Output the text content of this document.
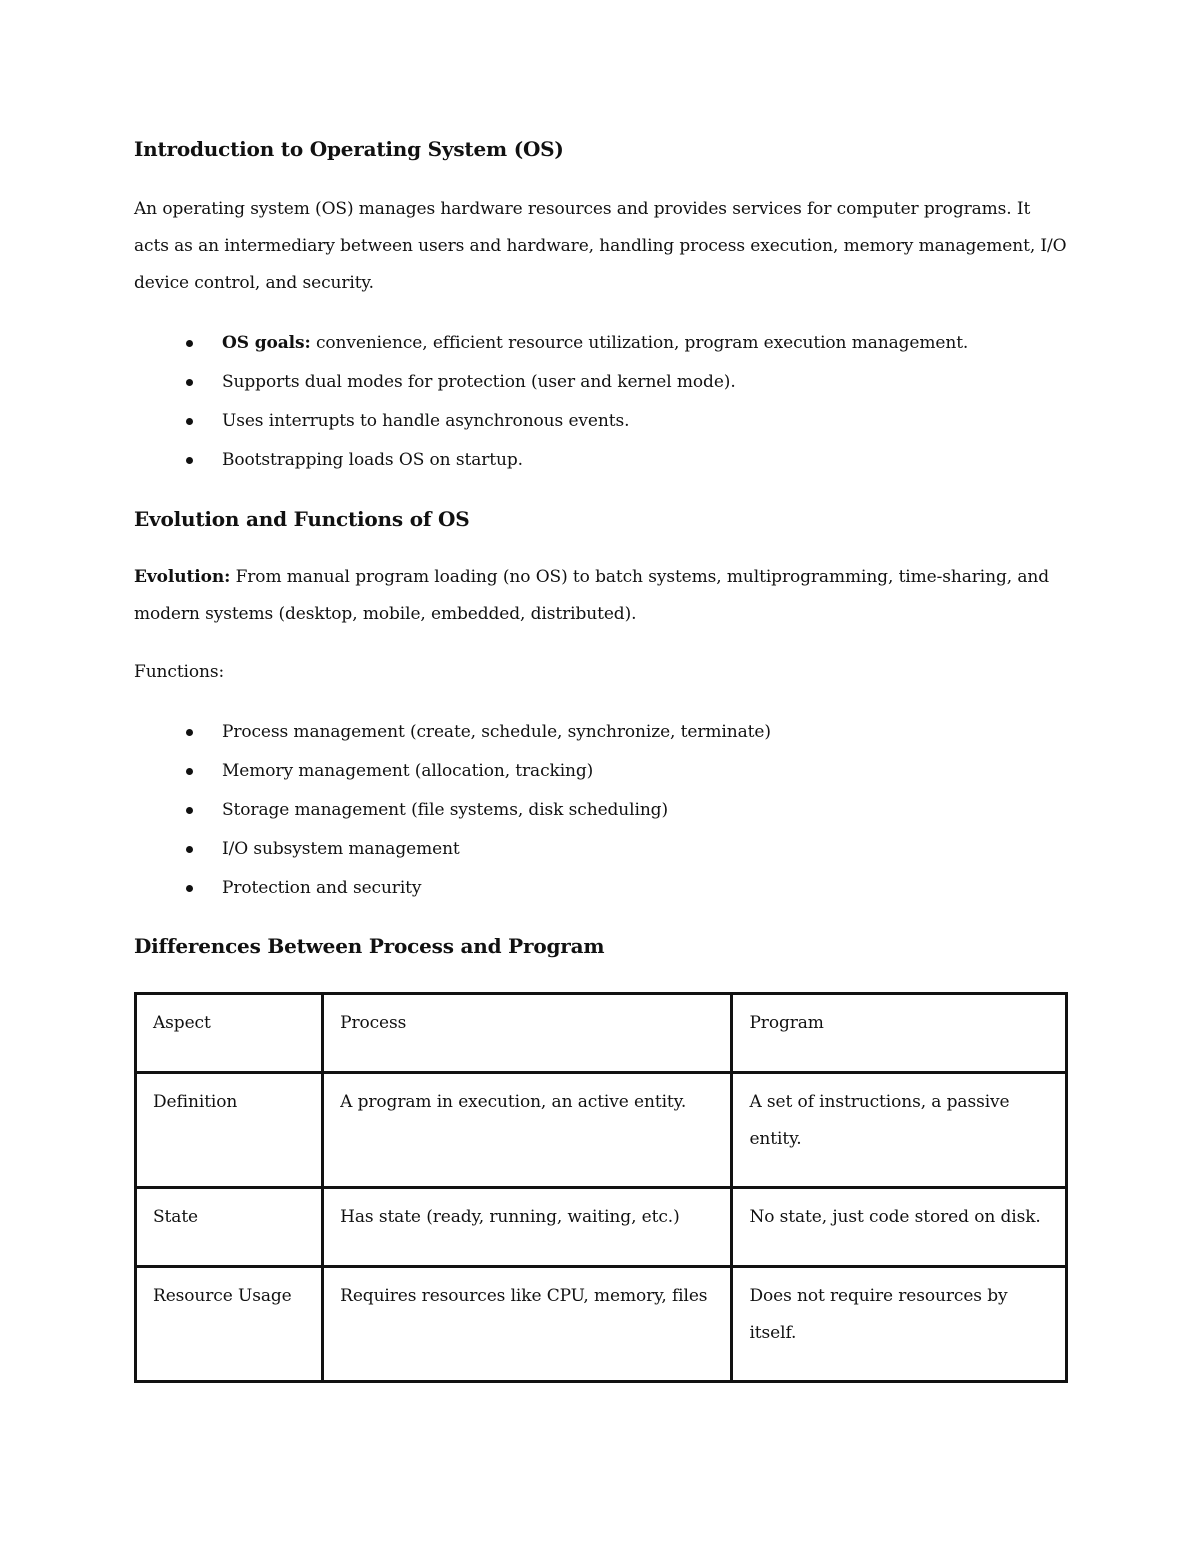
Introduction to Operating System (OS)

An operating system (OS) manages hardware resources and provides services for computer programs. It acts as an intermediary between users and hardware, handling process execution, memory management, I/O device control, and security.

OS goals: convenience, efficient resource utilization, program execution management.
Supports dual modes for protection (user and kernel mode).
Uses interrupts to handle asynchronous events.
Bootstrapping loads OS on startup.
Evolution and Functions of OS

Evolution: From manual program loading (no OS) to batch systems, multiprogramming, time-sharing, and modern systems (desktop, mobile, embedded, distributed).

Functions:

Process management (create, schedule, synchronize, terminate)
Memory management (allocation, tracking)
Storage management (file systems, disk scheduling)
I/O subsystem management
Protection and security
Differences Between Process and Program
Aspect	Process	Program
Definition	A program in execution, an active entity.	A set of instructions, a passive entity.
State	Has state (ready, running, waiting, etc.)	No state, just code stored on disk.
Resource Usage	Requires resources like CPU, memory, files	Does not require resources by itself.
